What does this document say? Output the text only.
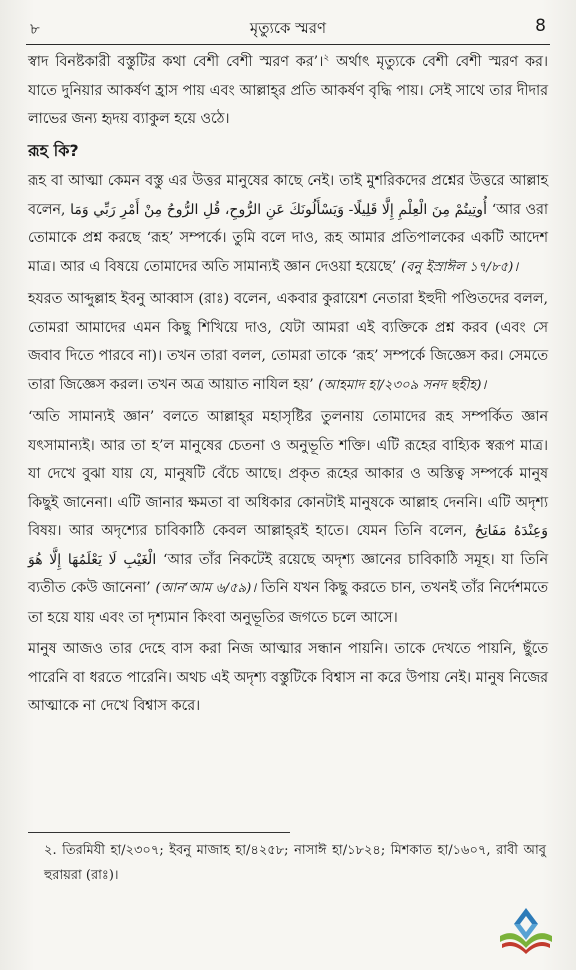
৮	মৃত্যুকে স্মরণ	8

স্বাদ বিনষ্টকারী বস্তুটির কথা বেশী বেশী স্মরণ কর’।$^২$ অর্থাৎ মৃত্যুকে বেশী বেশী স্মরণ কর। যাতে দুনিয়ার আকর্ষণ হ্রাস পায় এবং আল্লাহ্‌র প্রতি আকর্ষণ বৃদ্ধি পায়। সেই সাথে তার দীদার লাভের জন্য হৃদয় ব্যাকুল হয়ে ওঠে।

রূহ কি?

রূহ বা আত্মা কেমন বস্তু এর উত্তর মানুষের কাছে নেই। তাই মুশরিকদের প্রশ্নের উত্তরে আল্লাহ বলেন, وَيَسْأَلُونَكَ عَنِ الرُّوحِ، قُلِ الرُّوحُ مِنْ أَمْرِ رَبِّي وَمَا أُوتِيتُمْ مِنَ الْعِلْمِ إِلَّا قَلِيلًا- ‘আর ওরা তোমাকে প্রশ্ন করছে ‘রূহ’ সম্পর্কে। তুমি বলে দাও, রূহ আমার প্রতিপালকের একটি আদেশ মাত্র। আর এ বিষয়ে তোমাদের অতি সামান্যই জ্ঞান দেওয়া হয়েছে’ (বনু ইস্রাঈল ১৭/৮৫)।

হযরত আব্দুল্লাহ ইবনু আব্বাস (রাঃ) বলেন, একবার কুরায়েশ নেতারা ইহুদী পণ্ডিতদের বলল, তোমরা আমাদের এমন কিছু শিখিয়ে দাও, যেটা আমরা এই ব্যক্তিকে প্রশ্ন করব (এবং সে জবাব দিতে পারবে না)। তখন তারা বলল, তোমরা তাকে ‘রূহ’ সম্পর্কে জিজ্ঞেস কর। সেমতে তারা জিজ্ঞেস করল। তখন অত্র আয়াত নাযিল হয়’ (আহমাদ হা/২৩০৯ সনদ ছহীহ)।

‘অতি সামান্যই জ্ঞান’ বলতে আল্লাহ্‌র মহাসৃষ্টির তুলনায় তোমাদের রূহ সম্পর্কিত জ্ঞান যৎসামান্যই। আর তা হ’ল মানুষের চেতনা ও অনুভূতি শক্তি। এটি রূহের বাহ্যিক স্বরূপ মাত্র। যা দেখে বুঝা যায় যে, মানুষটি বেঁচে আছে। প্রকৃত রূহের আকার ও অস্তিত্ব সম্পর্কে মানুষ কিছুই জানেনা। এটি জানার ক্ষমতা বা অধিকার কোনটাই মানুষকে আল্লাহ দেননি। এটি অদৃশ্য বিষয়। আর অদৃশ্যের চাবিকাঠি কেবল আল্লাহ্‌রই হাতে। যেমন তিনি বলেন, وَعِنْدَهُ مَفَاتِحُ الْغَيْبِ لَا يَعْلَمُهَا إِلَّا هُوَ ‘আর তাঁর নিকটেই রয়েছে অদৃশ্য জ্ঞানের চাবিকাঠি সমূহ। যা তিনি ব্যতীত কেউ জানেনা’ (আন‘আম ৬/৫৯)। তিনি যখন কিছু করতে চান, তখনই তাঁর নির্দেশমতে তা হয়ে যায় এবং তা দৃশ্যমান কিংবা অনুভূতির জগতে চলে আসে।

মানুষ আজও তার দেহে বাস করা নিজ আত্মার সন্ধান পায়নি। তাকে দেখতে পায়নি, ছুঁতে পারেনি বা ধরতে পারেনি। অথচ এই অদৃশ্য বস্তুটিকে বিশ্বাস না করে উপায় নেই। মানুষ নিজের আত্মাকে না দেখে বিশ্বাস করে।

২. তিরমিযী হা/২৩০৭; ইবনু মাজাহ হা/৪২৫৮; নাসাঈ হা/১৮২৪; মিশকাত হা/১৬০৭, রাবী আবু হুরায়রা (রাঃ)।
